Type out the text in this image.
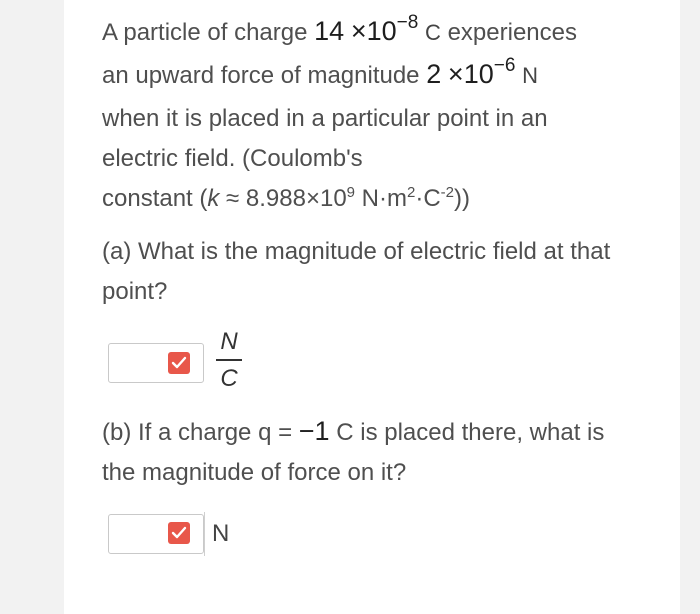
A particle of charge $14 \times 10^{-8}$ C experiences
an upward force of magnitude $2 \times 10^{-6}$ N
when it is placed in a particular point in an
electric field. (Coulomb's
constant ($k \approx 8.988\times 10^9$ $N\cdot m^2\cdot C^{-2}$))
(a) What is the magnitude of electric field at that
point?
N
C
(b) If a charge q = −1 C is placed there, what is
the magnitude of force on it?
N
